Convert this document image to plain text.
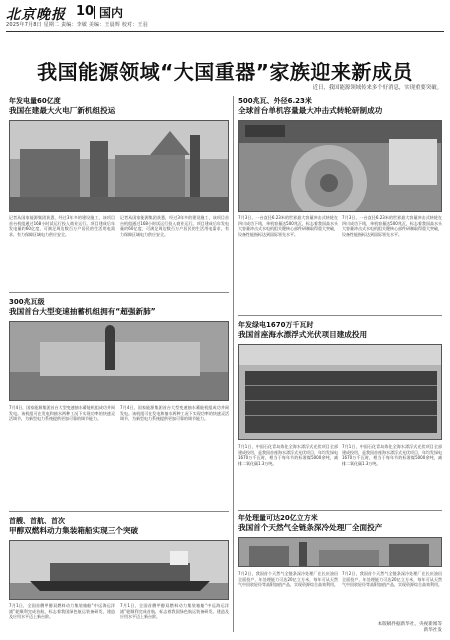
北京晚报 10 国内
2025年7月8日 星期二 责编：李敏 美编：王晨辉 校对：王羽
我国能源领域“大国重器”家族迎来新成员
近日，我国能源领域传来多个好消息，实现重要突破。
年发电量60亿度
我国在建最大火电厂新机组投运
记者从国家能源集团获悉，经过3年多的建设施工，该项目首台机组通过168小时试运行投入商业运行。项目建成后年发电量约60亿度，可满足周边数百万户居民的生活用电需求，有力保障区域电力供应安全。
记者从国家能源集团获悉，经过3年多的建设施工，该项目首台机组通过168小时试运行投入商业运行。项目建成后年发电量约60亿度，可满足周边数百万户居民的生活用电需求，有力保障区域电力供应安全。
500兆瓦、外径6.23米
全球首台单机容量最大冲击式转轮研制成功
7月3日，一台直径6.23米的世界最大容量冲击式转轮在四川成功下线，单机容量达500兆瓦，标志着我国高水头大容量冲击式水电机组关键核心部件研制取得重大突破，设备性能指标达到国际领先水平。
7月3日，一台直径6.23米的世界最大容量冲击式转轮在四川成功下线，单机容量达500兆瓦，标志着我国高水头大容量冲击式水电机组关键核心部件研制取得重大突破，设备性能指标达到国际领先水平。
300兆瓦级
我国首台大型变速抽蓄机组拥有“超强新肺”
7月4日，国家能源集团首台大型变速抽水蓄能机组成功并网发电。该机组可在发电和抽水两种工况下实现功率的快速灵活调节，为新型电力系统提供更加可靠的调节能力。
7月4日，国家能源集团首台大型变速抽水蓄能机组成功并网发电。该机组可在发电和抽水两种工况下实现功率的快速灵活调节，为新型电力系统提供更加可靠的调节能力。
年发绿电1670万千瓦时
我国首座海水漂浮式光伏项目建成投用
7月1日，中国石化青岛炼化全海水漂浮式光伏项目全部建成投用，是我国首座海水漂浮式光伏项目，年均发绿电1670万千瓦时，相当于每年节约标准煤5000余吨，减排二氧化碳1.3万吨。
7月1日，中国石化青岛炼化全海水漂浮式光伏项目全部建成投用，是我国首座海水漂浮式光伏项目，年均发绿电1670万千瓦时，相当于每年节约标准煤5000余吨，减排二氧化碳1.3万吨。
首艘、首航、首次
甲醇双燃料动力集装箱船实现三个突破
7月1日，全国首艘甲醇双燃料动力集装箱船“中远海运洋浦”轮顺利完成首航，标志着我国绿色航运装备研发、建造及应用水平迈上新台阶。
7月1日，全国首艘甲醇双燃料动力集装箱船“中远海运洋浦”轮顺利完成首航，标志着我国绿色航运装备研发、建造及应用水平迈上新台阶。
年处理量可达20亿立方米
我国首个天然气全链条深冷处理厂全面投产
7月2日，我国首个天然气全链条深冷处理厂在长庆油田全面投产，年处理能力可达20亿立方米，每年可从天然气中回收轻烃等高附加值产品，实现资源综合高效利用。
7月2日，我国首个天然气全链条深冷处理厂在长庆油田全面投产，年处理能力可达20亿立方米，每年可从天然气中回收轻烃等高附加值产品，实现资源综合高效利用。
本版稿件据新华社、央视新闻等
新华社发
